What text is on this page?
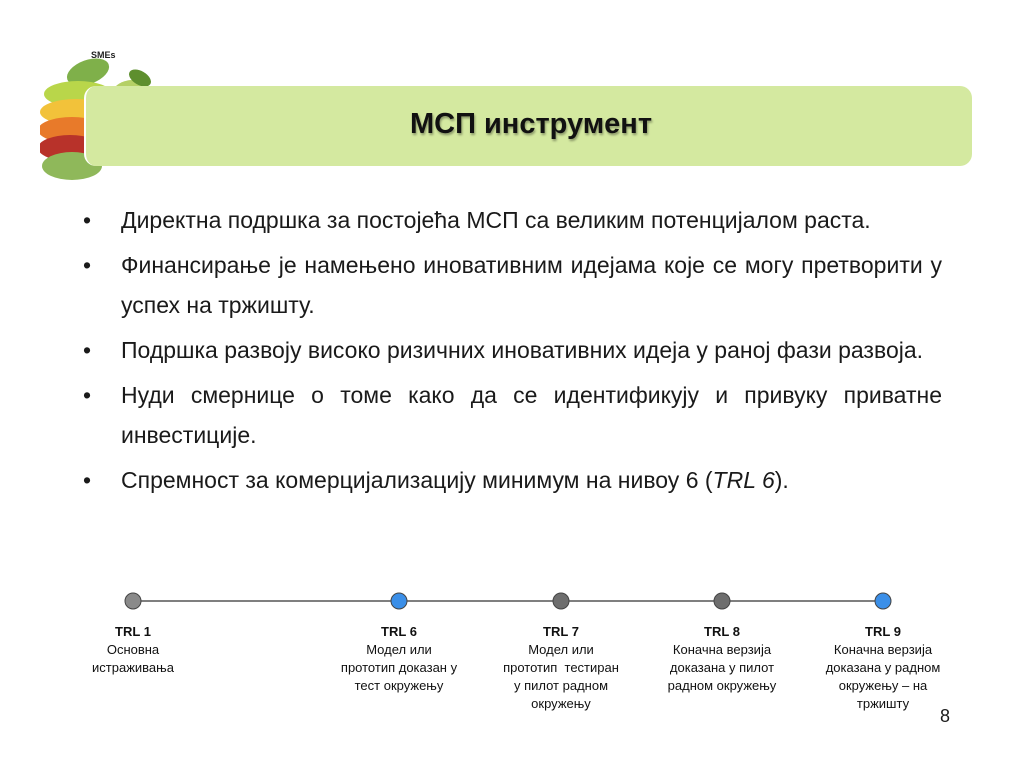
SMEs
МСП инструмент
• Директна подршка за постојећа МСП са великим потенцијалом раста.
• Финансирање је намењено иновативним идејама које се могу претворити у успех на тржишту.
• Подршка развоју високо ризичних иновативних идеја у раној фази развоја.
• Нуди смернице о томе како да се идентификују и привуку приватне инвестиције.
• Спремност за комерцијализацију минимум на нивоу 6 (TRL 6).
TRL 1
Основна
истраживања
TRL 6
Модел или
прототип доказан у
тест окружењу
TRL 7
Модел или
прототип  тестиран
у пилот радном
окружењу
TRL 8
Коначна верзија
доказана у пилот
радном окружењу
TRL 9
Коначна верзија
доказана у радном
окружењу – на
тржишту
8
